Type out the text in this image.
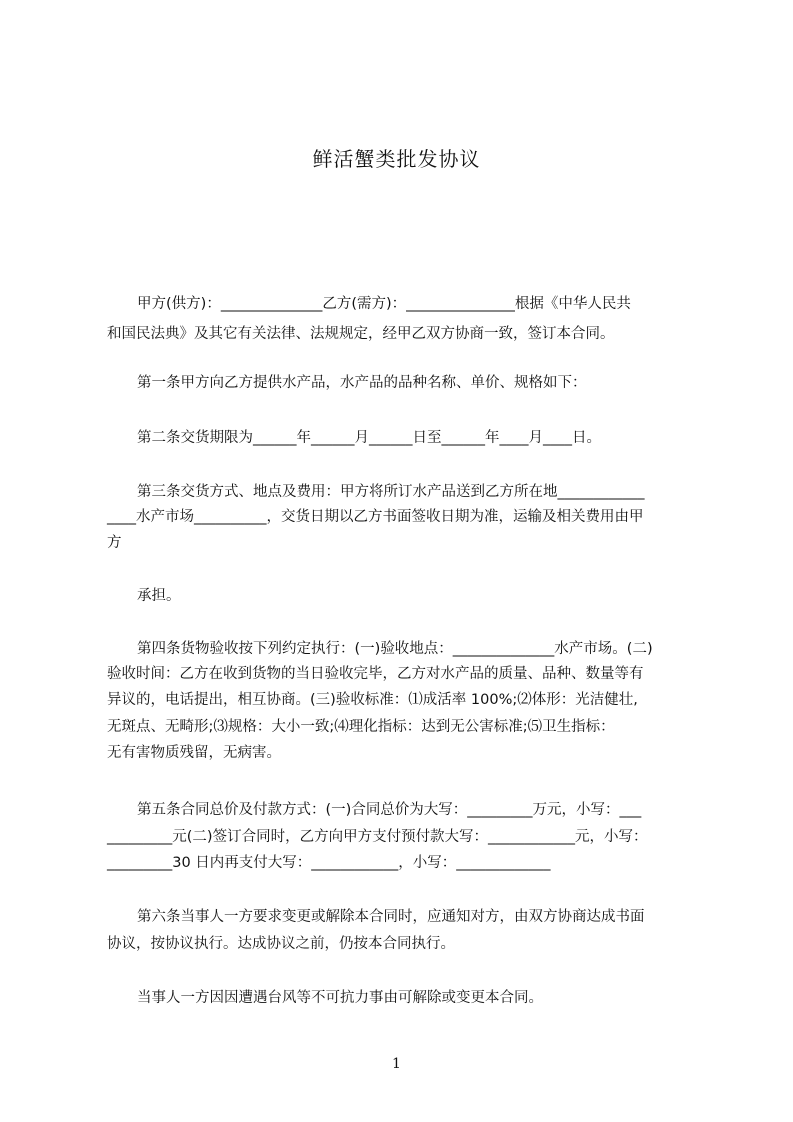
鲜活蟹类批发协议
甲方(供方)：______________乙方(需方)：_______________根据《中华人民共
和国民法典》及其它有关法律、法规规定，经甲乙双方协商一致，签订本合同。
第一条甲方向乙方提供水产品，水产品的品种名称、单价、规格如下：
第二条交货期限为______年______月______日至______年____月____日。
第三条交货方式、地点及费用：甲方将所订水产品送到乙方所在地____________
____水产市场__________，交货日期以乙方书面签收日期为准，运输及相关费用由甲
方
承担。
第四条货物验收按下列约定执行：(一)验收地点：______________水产市场。(二)
验收时间：乙方在收到货物的当日验收完毕，乙方对水产品的质量、品种、数量等有
异议的，电话提出，相互协商。(三)验收标准：⑴成活率 100%;⑵体形：光洁健壮,
无斑点、无畸形;⑶规格：大小一致;⑷理化指标：达到无公害标准;⑸卫生指标：
无有害物质残留，无病害。
第五条合同总价及付款方式：(一)合同总价为大写：_________万元，小写：___
_________元(二)签订合同时，乙方向甲方支付预付款大写：____________元，小写：
_________30 日内再支付大写：____________，小写：_____________
第六条当事人一方要求变更或解除本合同时，应通知对方，由双方协商达成书面
协议，按协议执行。达成协议之前，仍按本合同执行。
当事人一方因因遭遇台风等不可抗力事由可解除或变更本合同。
1
